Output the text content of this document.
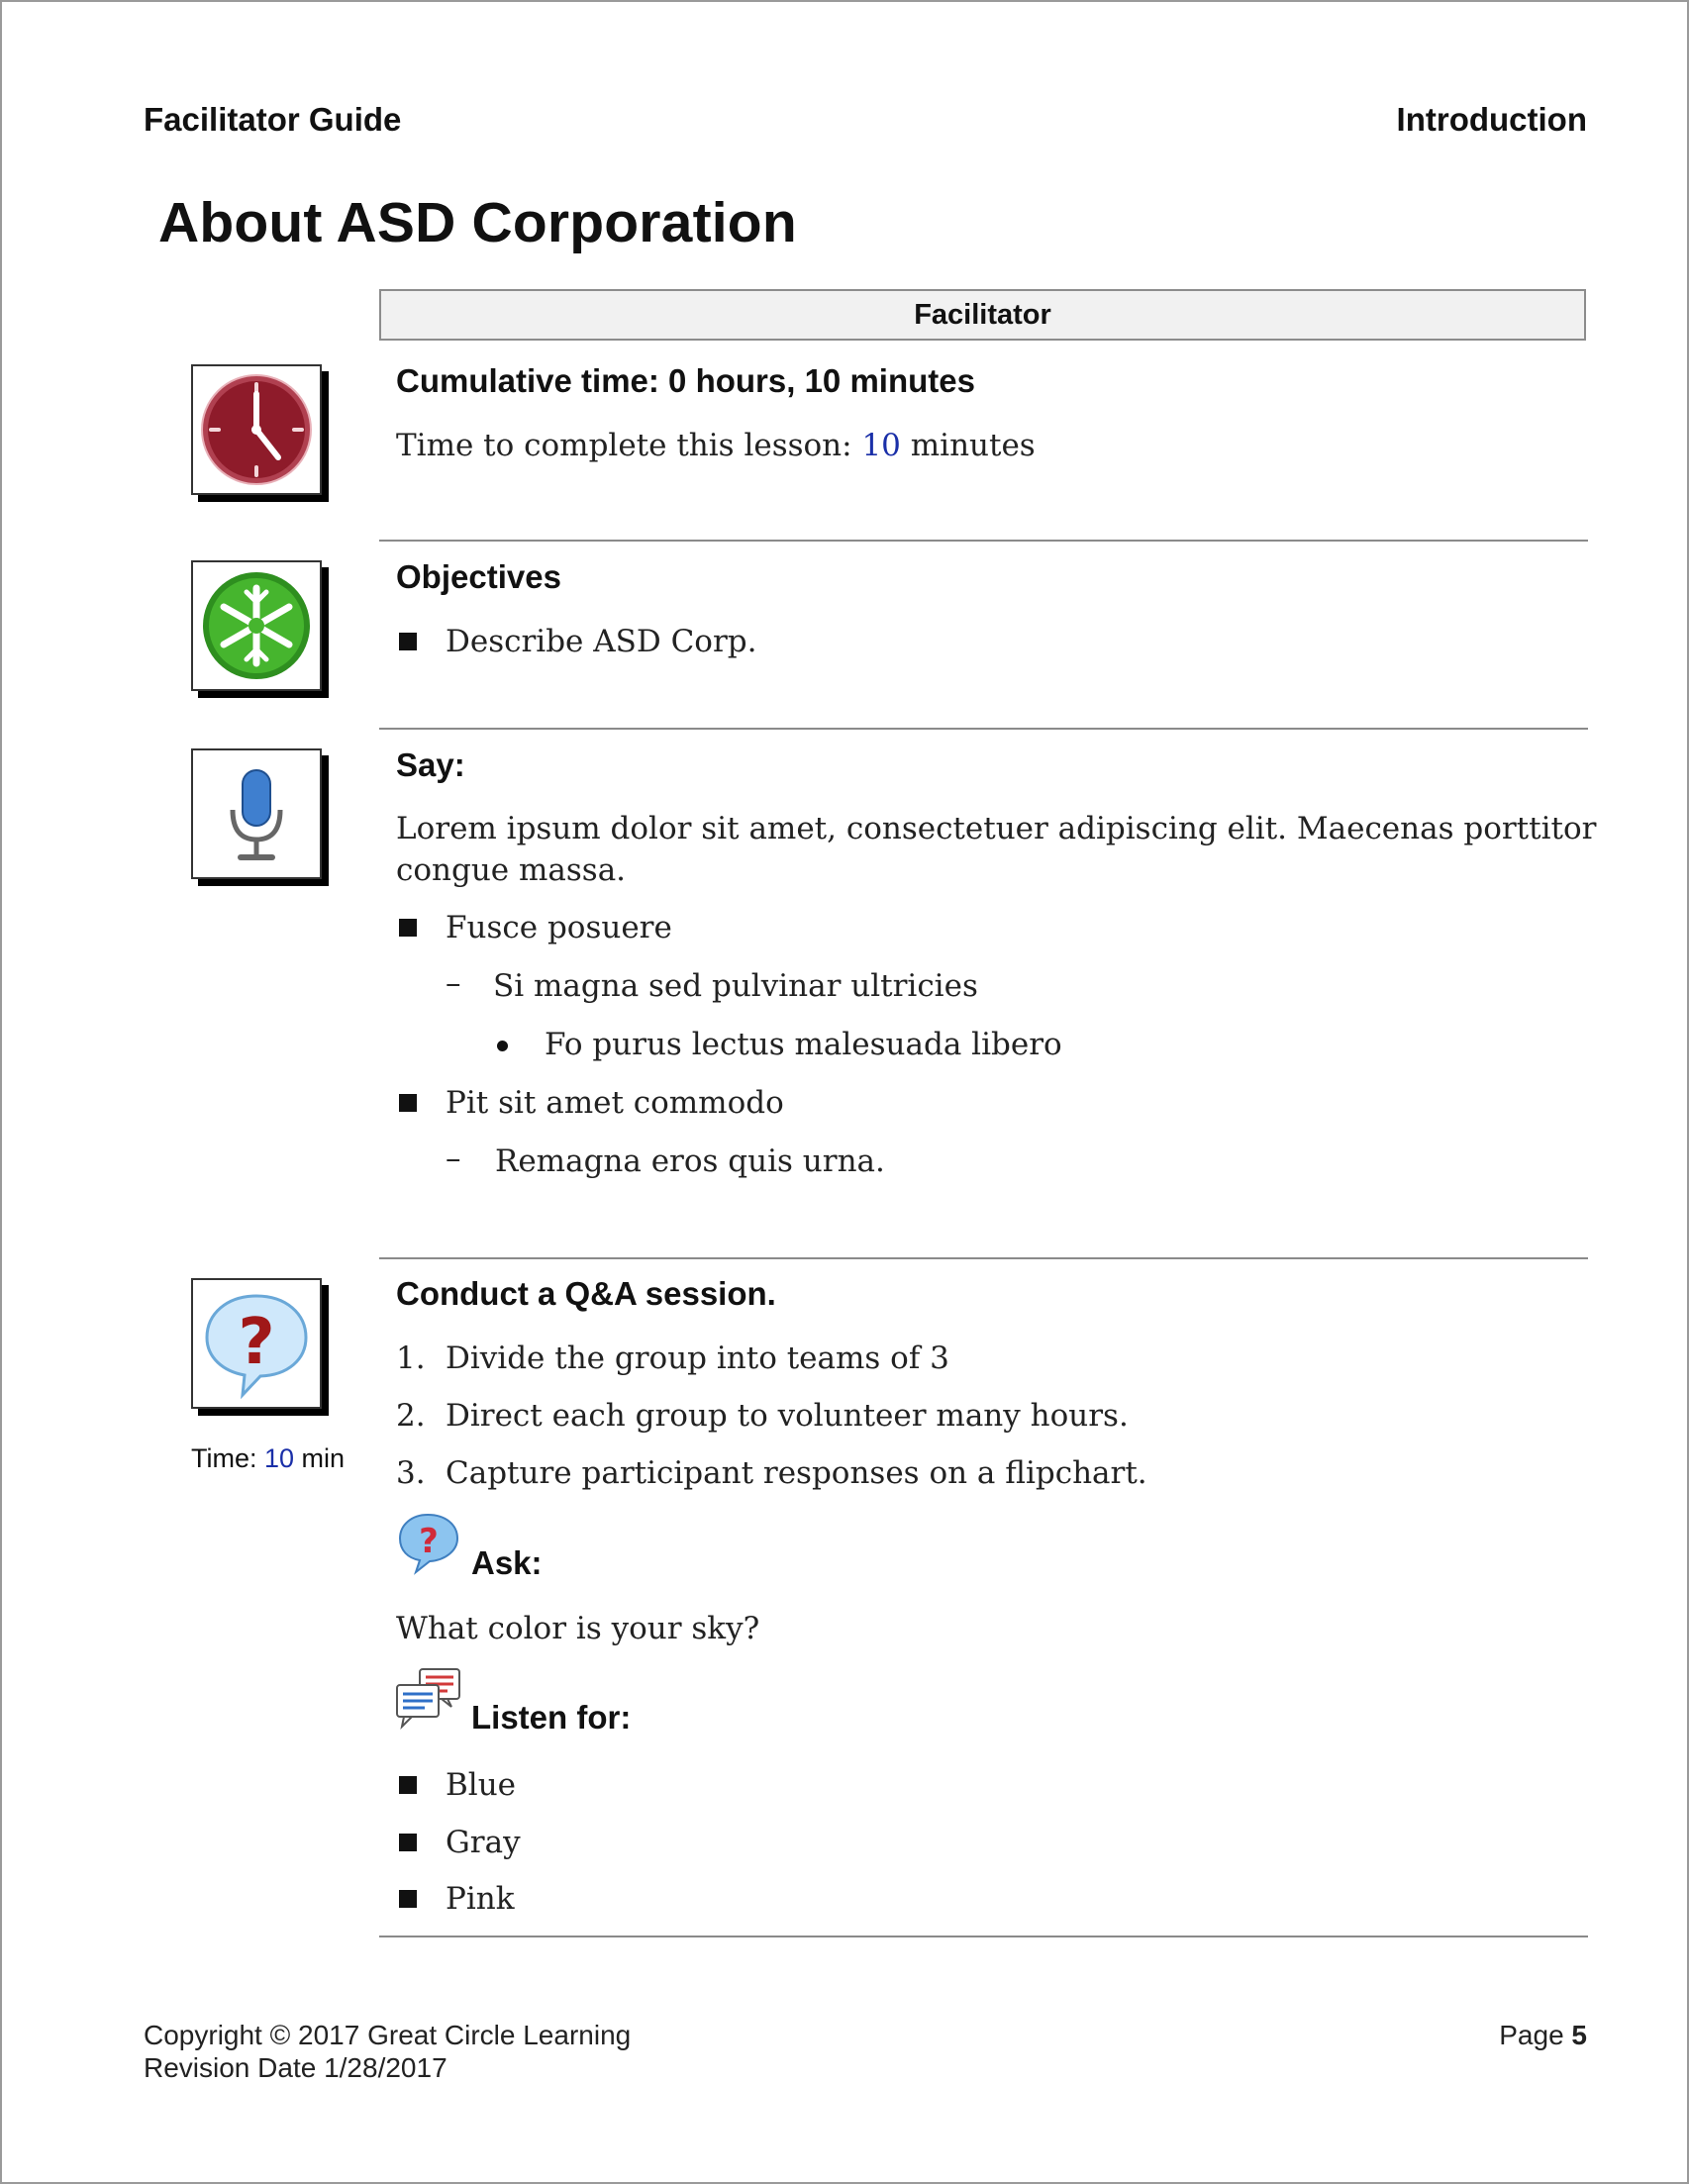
Facilitator Guide	Introduction
About ASD Corporation
Facilitator
Cumulative time: 0 hours, 10 minutes
Time to complete this lesson: 10 minutes
Objectives
Describe ASD Corp.
Say:
Lorem ipsum dolor sit amet, consectetuer adipiscing elit. Maecenas porttitor
congue massa.
Fusce posuere
– Si magna sed pulvinar ultricies
Fo purus lectus malesuada libero
Pit sit amet commodo
– Remagna eros quis urna.
?
Time: 10 min
Conduct a Q&A session.
1. Divide the group into teams of 3
2. Direct each group to volunteer many hours.
3. Capture participant responses on a flipchart.
?
Ask:
What color is your sky?
Listen for:
Blue
Gray
Pink
Copyright © 2017 Great Circle Learning
Revision Date 1/28/2017
Page 5
